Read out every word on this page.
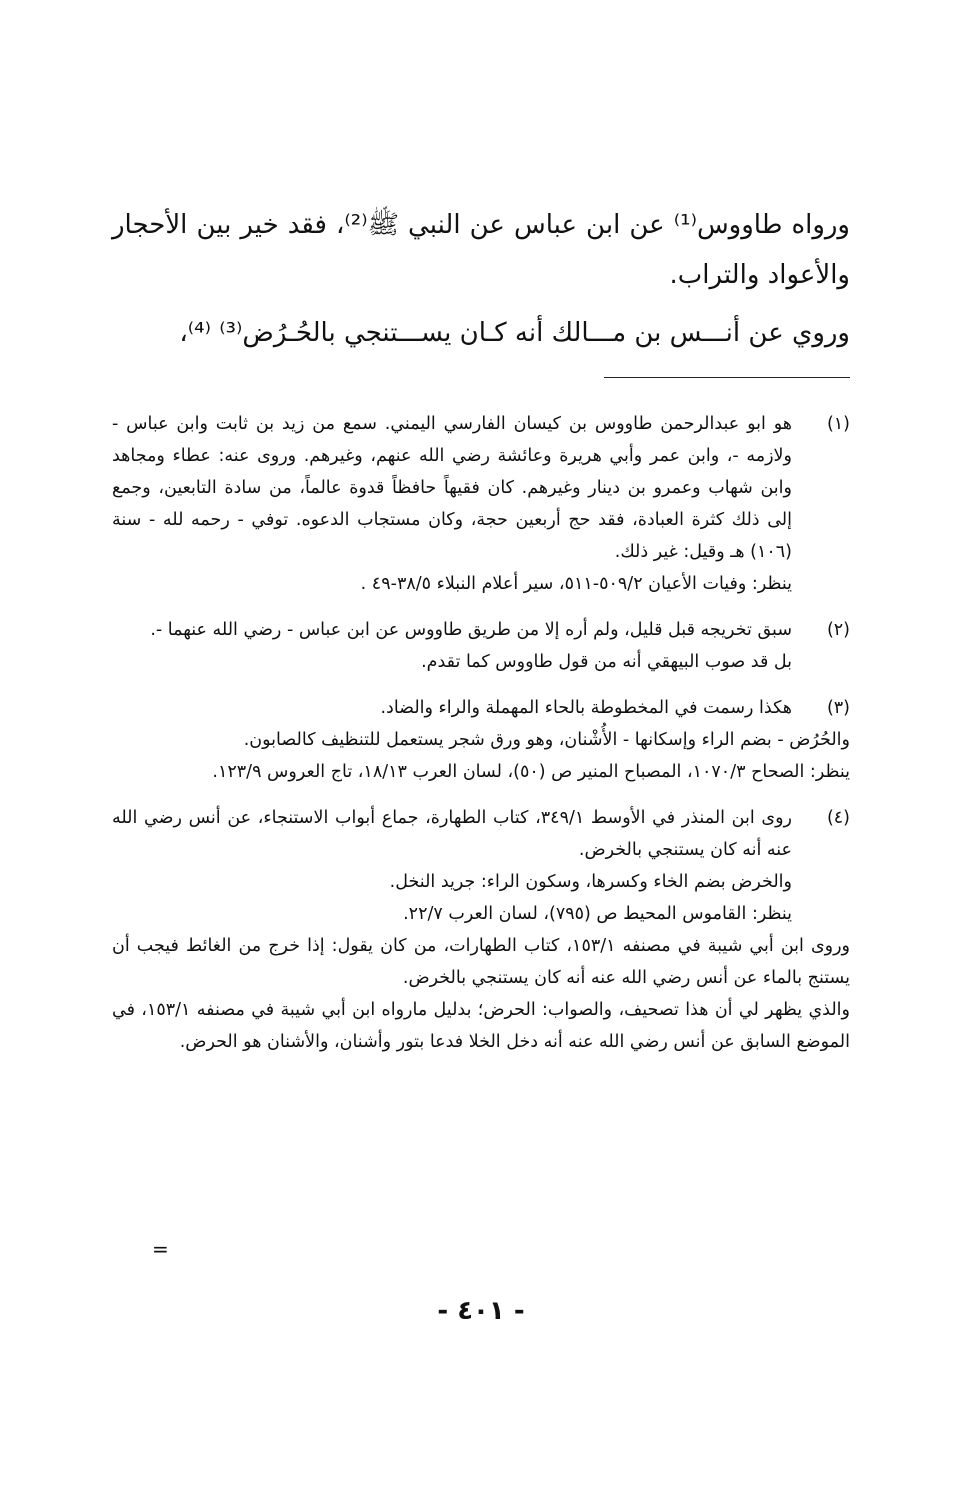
ورواه طاووس⁽¹⁾ عن ابن عباس عن النبي ﷺ⁽²⁾، فقد خير بين الأحجار والأعواد والتراب.

وروي عن أنـــس بن مـــالك أنه كـان يســـتنجي بالحُـرُض⁽³⁾ ⁽⁴⁾،

(١)
هو ابو عبدالرحمن طاووس بن كيسان الفارسي اليمني. سمع من زيد بن ثابت وابن عباس - ولازمه -، وابن عمر وأبي هريرة وعائشة رضي الله عنهم، وغيرهم. وروى عنه: عطاء ومجاهد وابن شهاب وعمرو بن دينار وغيرهم. كان فقيهاً حافظاً قدوة عالماً، من سادة التابعين، وجمع إلى ذلك كثرة العبادة، فقد حج أربعين حجة، وكان مستجاب الدعوه. توفي - رحمه لله - سنة (١٠٦) هـ وقيل: غير ذلك.
ينظر: وفيات الأعيان ٥٠٩/٢-٥١١، سير أعلام النبلاء ٣٨/٥-٤٩ .
(٢)
سبق تخريجه قبل قليل، ولم أره إلا من طريق طاووس عن ابن عباس - رضي الله عنهما -.
بل قد صوب البيهقي أنه من قول طاووس كما تقدم.
(٣)
هكذا رسمت في المخطوطة بالحاء المهملة والراء والضاد.
والحُرُض - بضم الراء وإسكانها - الأُشْنان، وهو ورق شجر يستعمل للتنظيف كالصابون.
ينظر: الصحاح ١٠٧٠/٣، المصباح المنير ص (٥٠)، لسان العرب ١٨/١٣، تاج العروس ١٢٣/٩.
(٤)
روى ابن المنذر في الأوسط ٣٤٩/١، كتاب الطهارة، جماع أبواب الاستنجاء، عن أنس رضي الله عنه أنه كان يستنجي بالخرض.
والخرض بضم الخاء وكسرها، وسكون الراء: جريد النخل.
ينظر: القاموس المحيط ص (٧٩٥)، لسان العرب ٢٢/٧.
وروى ابن أبي شيبة في مصنفه ١٥٣/١، كتاب الطهارات، من كان يقول: إذا خرج من الغائط فيجب أن يستنج بالماء عن أنس رضي الله عنه أنه كان يستنجي بالخرض.
والذي يظهر لي أن هذا تصحيف، والصواب: الحرض؛ بدليل مارواه ابن أبي شيبة في مصنفه ١٥٣/١، في الموضع السابق عن أنس رضي الله عنه أنه دخل الخلا فدعا بتور وأشنان، والأشنان هو الحرض.
=
- ٤٠١ -
